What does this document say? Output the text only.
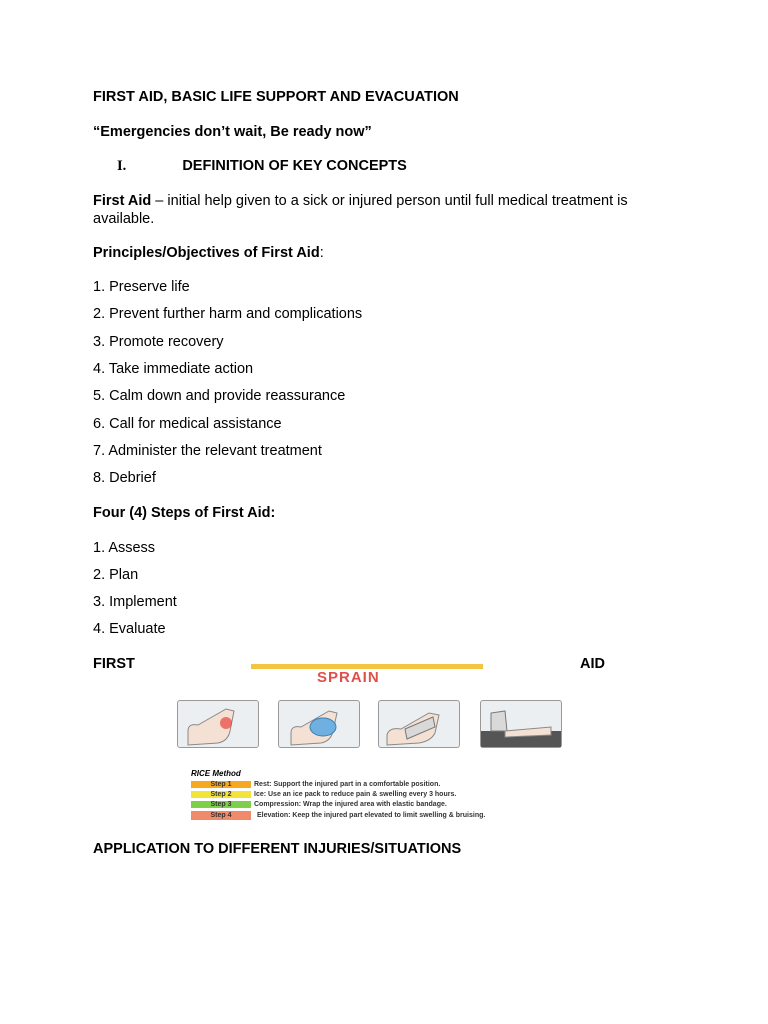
FIRST AID, BASIC LIFE SUPPORT AND EVACUATION
“Emergencies don’t wait, Be ready now”
I.	DEFINITION OF KEY CONCEPTS
First Aid – initial help given to a sick or injured person until full medical treatment is available.
Principles/Objectives of First Aid:
1. Preserve life
2. Prevent further harm and complications
3. Promote recovery
4. Take immediate action
5. Calm down and provide reassurance
6. Call for medical assistance
7. Administer the relevant treatment
8. Debrief
Four (4) Steps of First Aid:
1. Assess
2. Plan
3. Implement
4. Evaluate
FIRST	AID
APPLICATION TO DIFFERENT INJURIES/SITUATIONS
SPRAIN
RICE Method
Step 1	Rest: Support the injured part in a comfortable position.
Step 2	Ice: Use an ice pack to reduce pain & swelling every 3 hours.
Step 3	Compression: Wrap the injured area with elastic bandage.
Step 4	Elevation: Keep the injured part elevated to limit swelling & bruising.
